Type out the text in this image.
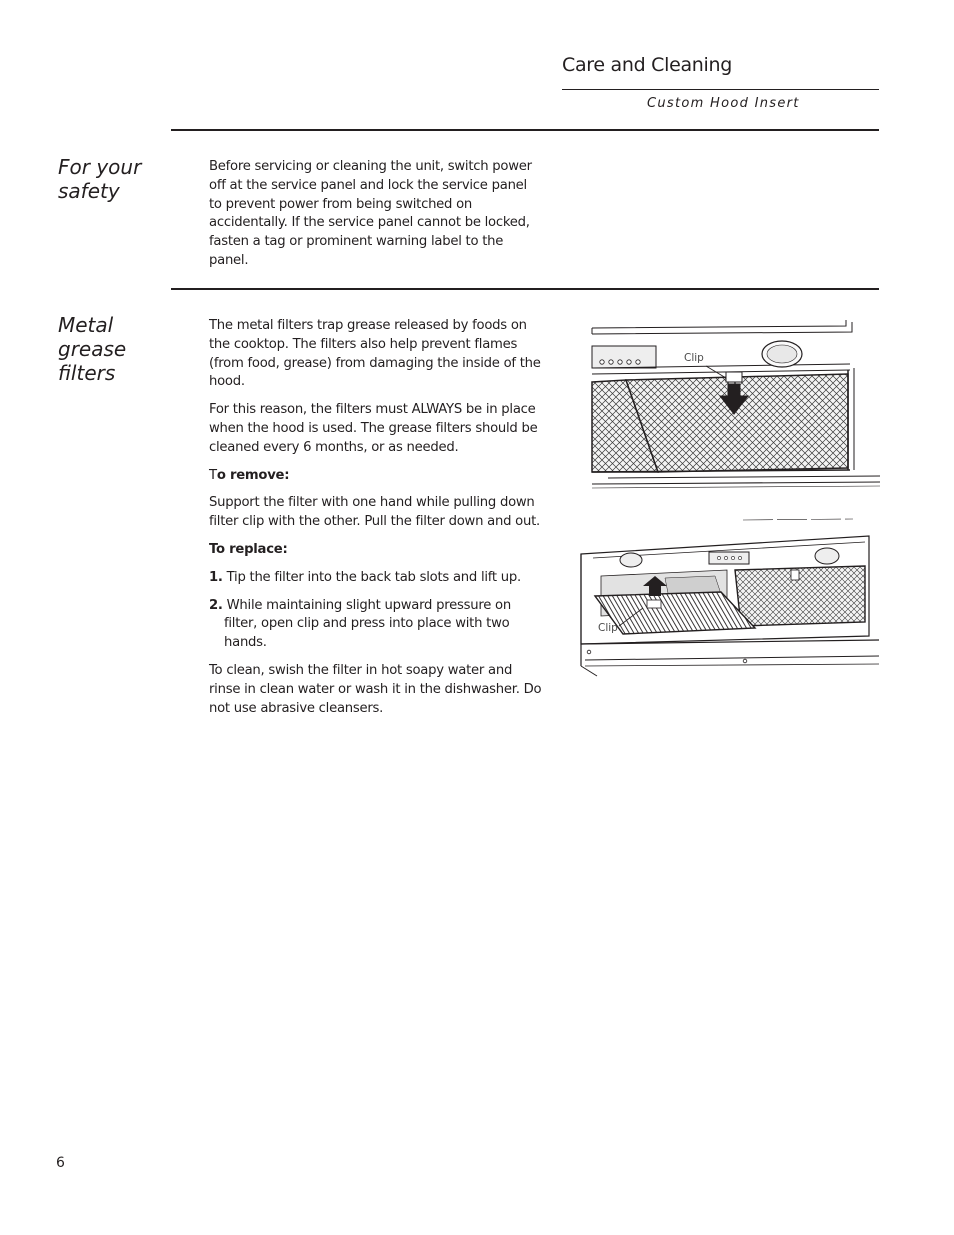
Care and Cleaning
Custom Hood Insert
For your
safety

Before servicing or cleaning the unit, switch power off at the service panel and lock the service panel to prevent power from being switched on accidentally. If the service panel cannot be locked, fasten a tag or prominent warning label to the panel.

Metal
grease
filters

The metal filters trap grease released by foods on the cooktop. The filters also help prevent flames (from food, grease) from damaging the inside of the hood.

For this reason, the filters must ALWAYS be in place when the hood is used. The grease filters should be cleaned every 6 months, or as needed.

To remove:

Support the filter with one hand while pulling down filter clip with the other. Pull the filter down and out.

To replace:

1. Tip the filter into the back tab slots and lift up.

2. While maintaining slight upward pressure on filter, open clip and press into place with two hands.

To clean, swish the filter in hot soapy water and rinse in clean water or wash it in the dishwasher. Do not use abrasive cleansers.

Clip
Clip
6
